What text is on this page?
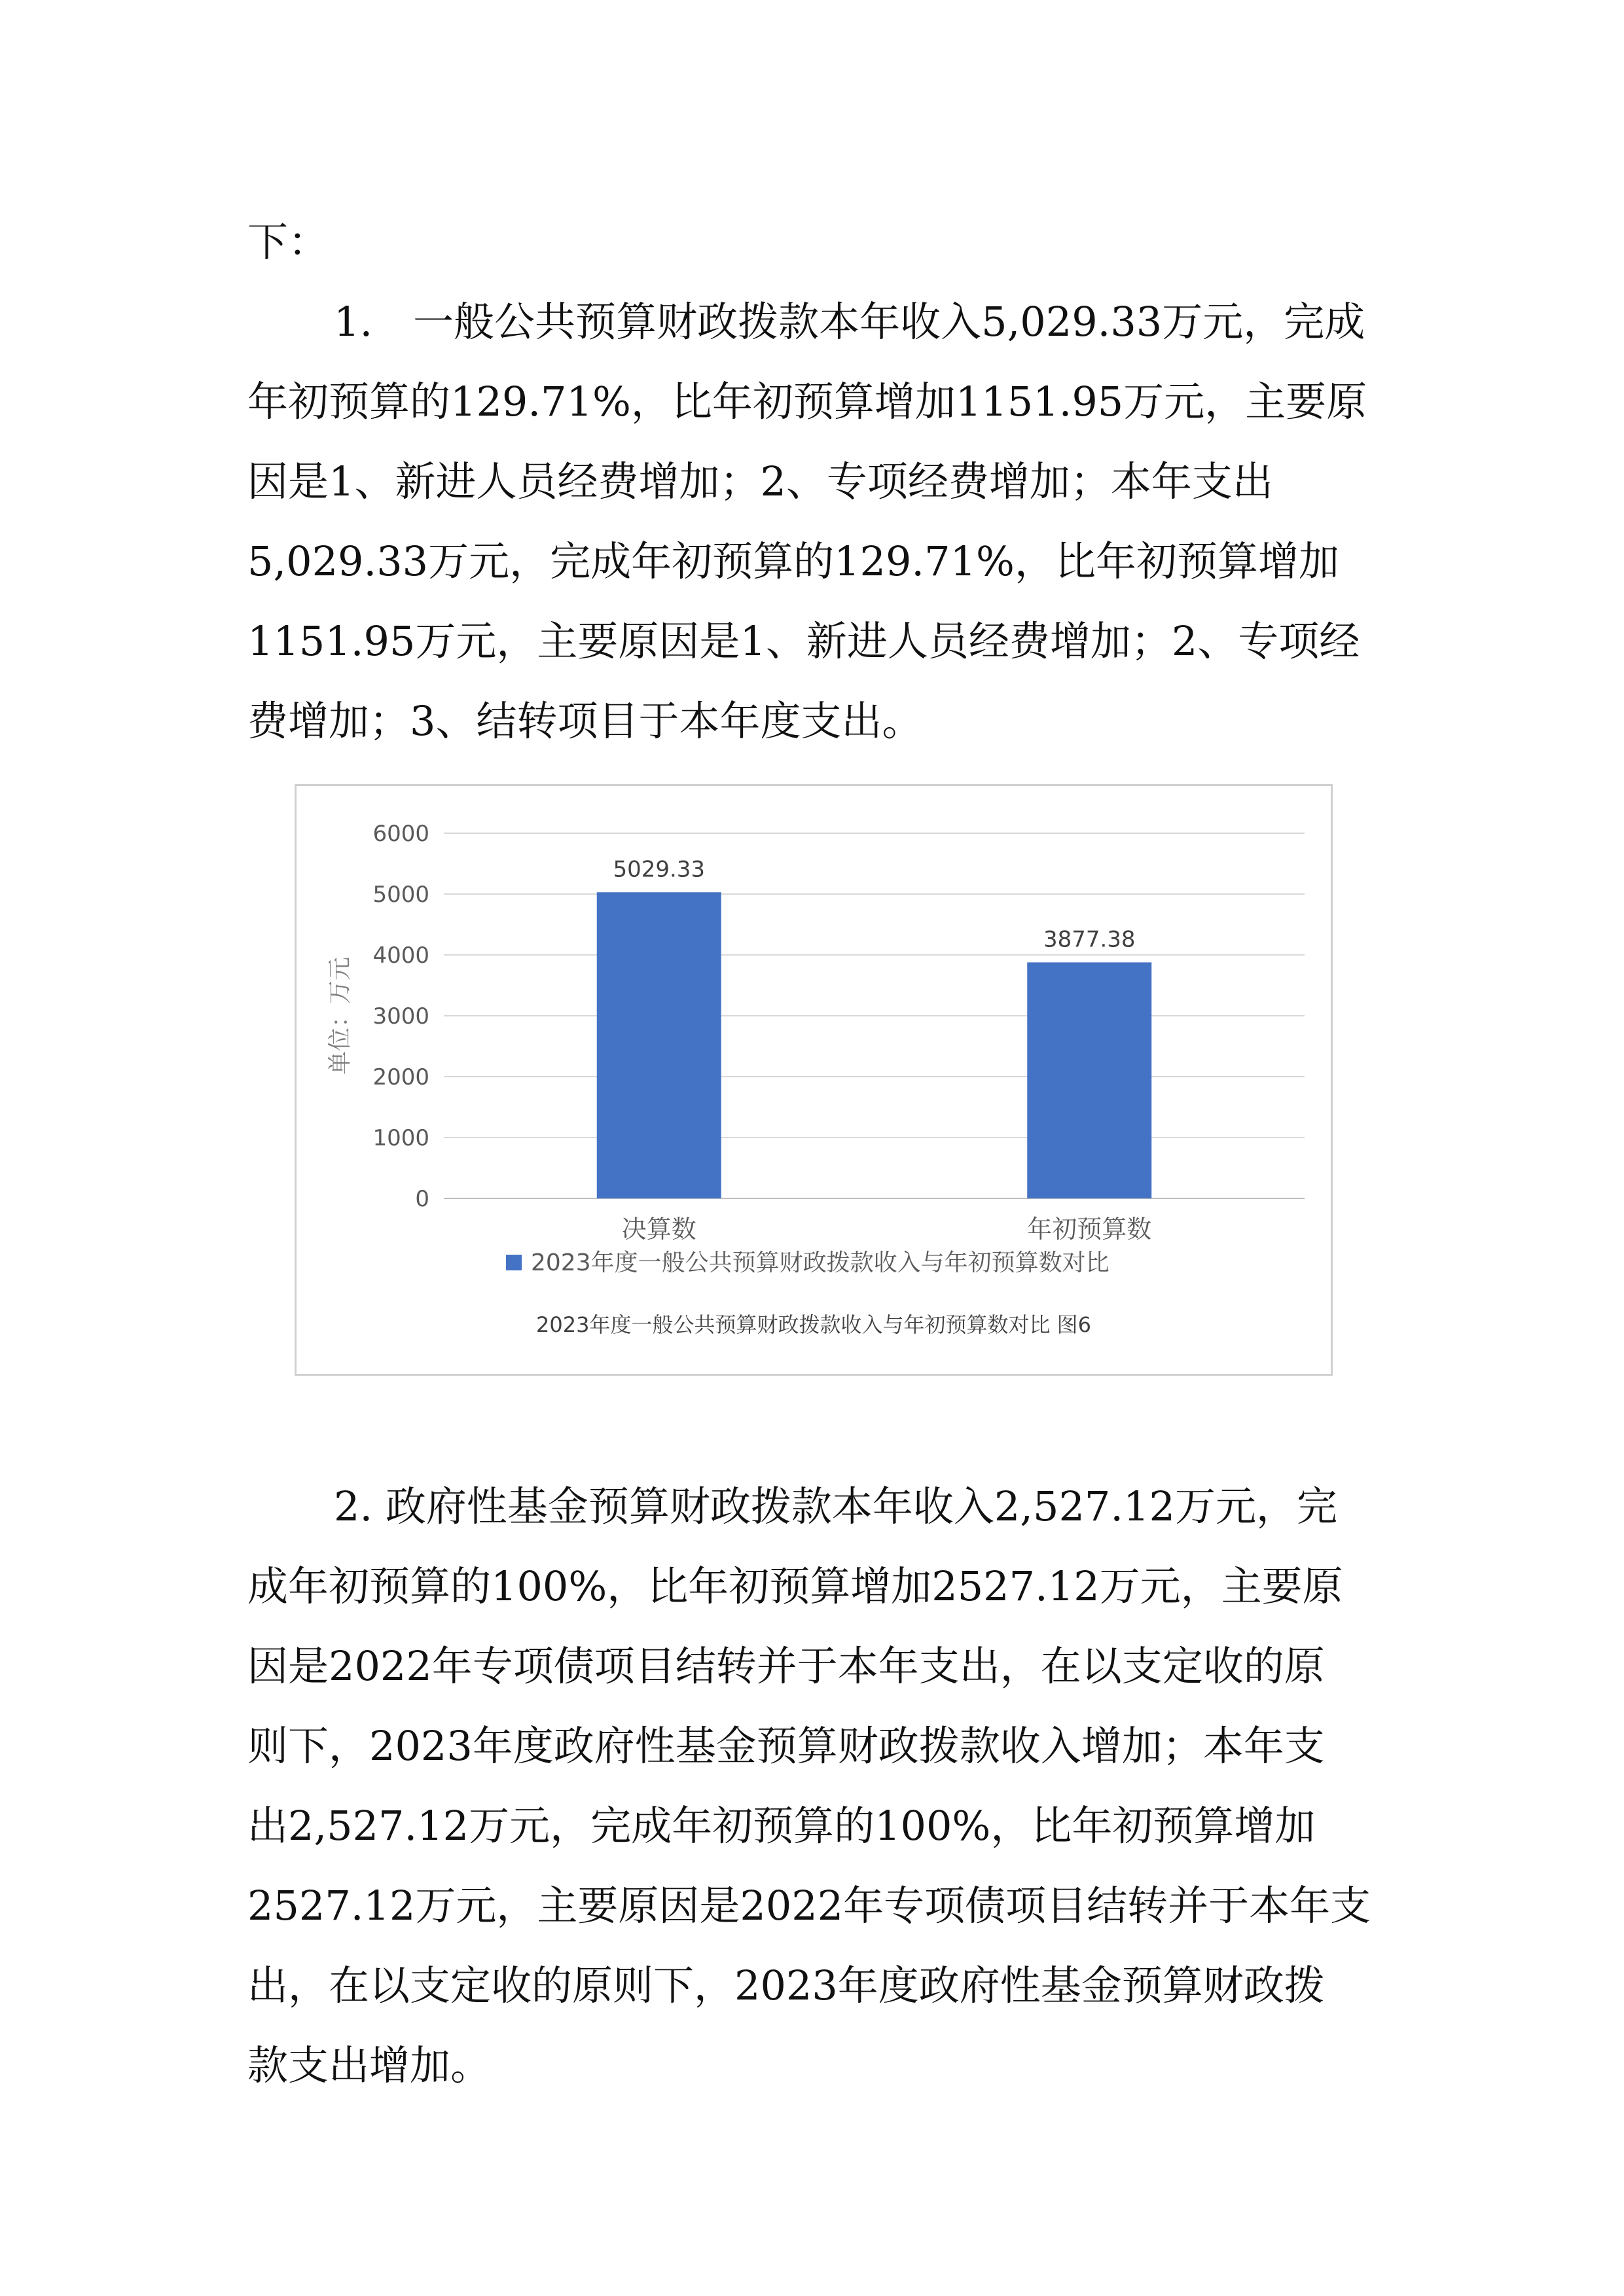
下：
1.　一般公共预算财政拨款本年收入5,029.33万元，完成
年初预算的129.71%，比年初预算增加1151.95万元，主要原
因是1、新进人员经费增加；2、专项经费增加；本年支出
5,029.33万元，完成年初预算的129.71%，比年初预算增加
1151.95万元，主要原因是1、新进人员经费增加；2、专项经
费增加；3、结转项目于本年度支出。
0
1000
2000
3000
4000
5000
6000
单位：万元
5029.33
决算数
3877.38
年初预算数
2023年度一般公共预算财政拨款收入与年初预算数对比
2023年度一般公共预算财政拨款收入与年初预算数对比 图6
2. 政府性基金预算财政拨款本年收入2,527.12万元，完
成年初预算的100%，比年初预算增加2527.12万元，主要原
因是2022年专项债项目结转并于本年支出，在以支定收的原
则下，2023年度政府性基金预算财政拨款收入增加；本年支
出2,527.12万元，完成年初预算的100%，比年初预算增加
2527.12万元，主要原因是2022年专项债项目结转并于本年支
出，在以支定收的原则下，2023年度政府性基金预算财政拨
款支出增加。
